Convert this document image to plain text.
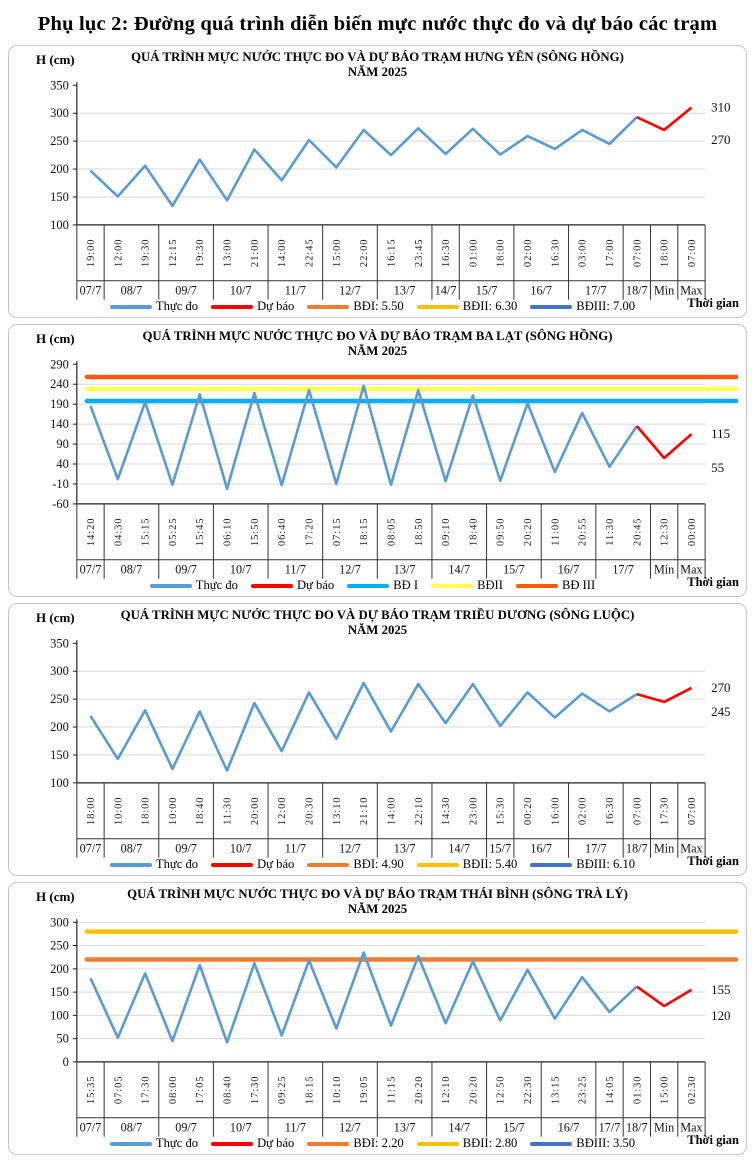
Phụ lục 2: Đường quá trình diễn biến mực nước thực đo và dự báo các trạm
QUÁ TRÌNH MỰC NƯỚC THỰC ĐO VÀ DỰ BÁO TRẠM HƯNG YÊN (SÔNG HỒNG)
NĂM 2025
H (cm)
100
150
200
250
300
350
07/7 08/7	09/7	10/7	11/7	12/7	13/7 14/7 15/7	16/7	17/7 18/7 Min Max
19:00 12:00 19:30 12:15 19:30 13:00 21:00 14:00 22:45 15:00 22:00 16:15 23:45 16:30 01:00 18:00 02:00 16:30 03:00 17:00 07:00 18:00 07:00
310
270
Thực đo	Dự báo	BĐI: 5.50	BĐII: 6.30	BĐIII: 7.00	Thời gian
QUÁ TRÌNH MỰC NƯỚC THỰC ĐO VÀ DỰ BÁO TRẠM BA LẠT (SÔNG HỒNG)
NĂM 2025
H (cm)
-60
-10
40
90
140
190
240
290
07/7 08/7	09/7	10/7	11/7	12/7	13/7	14/7	15/7	16/7	17/7 Min Max
14:20 04:30 15:15 05:25 15:45 06:10 15:50 06:40 17:20 07:15 18:15 08:05 18:50 09:10 18:40 09:50 20:20 11:00 20:55 11:30 20:45 12:30 00:00
115
55
Thực đo	Dự báo	BĐ I	BĐII	BĐ III	Thời gian
QUÁ TRÌNH MỰC NƯỚC THỰC ĐO VÀ DỰ BÁO TRẠM TRIỀU DƯƠNG (SÔNG LUỘC)
NĂM 2025
H (cm)
100
150
200
250
300
350
07/7 08/7	09/7	10/7	11/7	12/7	13/7	14/7 15/7 16/7	17/7 18/7 Min Max
18:00 10:00 18:00 10:00 18:40 11:30 20:00 12:00 20:30 13:10 21:10 14:00 22:10 14:30 23:00 15:30 00:20 16:00 02:00 16:30 07:00 17:30 07:00
270
245
Thực đo	Dự báo	BĐI: 4.90	BĐII: 5.40	BĐIII: 6.10	Thời gian
QUÁ TRÌNH MỰC NƯỚC THỰC ĐO VÀ DỰ BÁO TRẠM THÁI BÌNH (SÔNG TRÀ LÝ)
NĂM 2025
H (cm)
0
50
100
150
200
250
300
07/7 08/7	09/7	10/7	11/7	12/7	13/7	14/7	15/7	16/7 17/7 18/7 Min Max
15:35 07:05 17:30 08:00 17:05 08:40 17:30 09:25 18:15 10:10 19:05 11:15 20:20 12:10 20:20 12:50 22:30 13:15 23:25 14:05 01:30 15:00 02:30
155
120
Thực đo	Dự báo	BĐI: 2.20	BĐII: 2.80	BĐIII: 3.50	Thời gian
